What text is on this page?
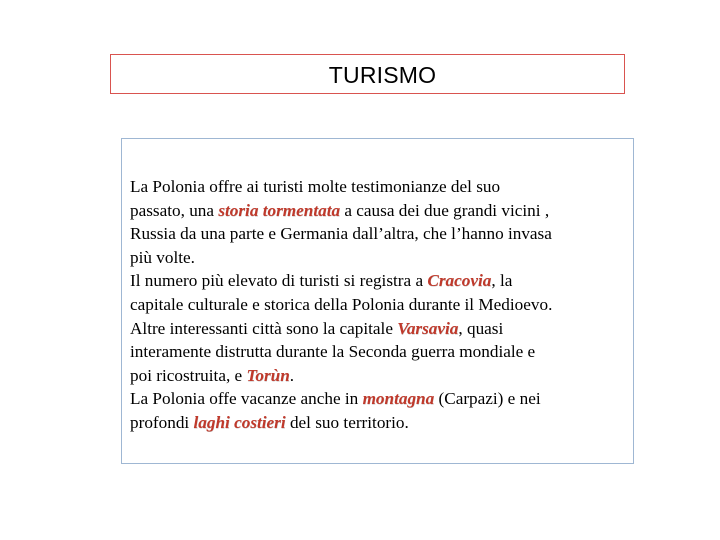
TURISMO

La Polonia offre ai turisti molte testimonianze del suo
passato, una storia tormentata a causa dei due grandi vicini ,
Russia da una parte e Germania dall’altra, che l’hanno invasa
più volte.
Il numero più elevato di turisti si registra a Cracovia, la
capitale culturale e storica della Polonia durante il Medioevo.
Altre interessanti città sono la capitale Varsavia, quasi
interamente distrutta durante la Seconda guerra mondiale e
poi ricostruita, e Torùn.
La Polonia offe vacanze anche in montagna (Carpazi) e nei
profondi laghi costieri del suo territorio.
